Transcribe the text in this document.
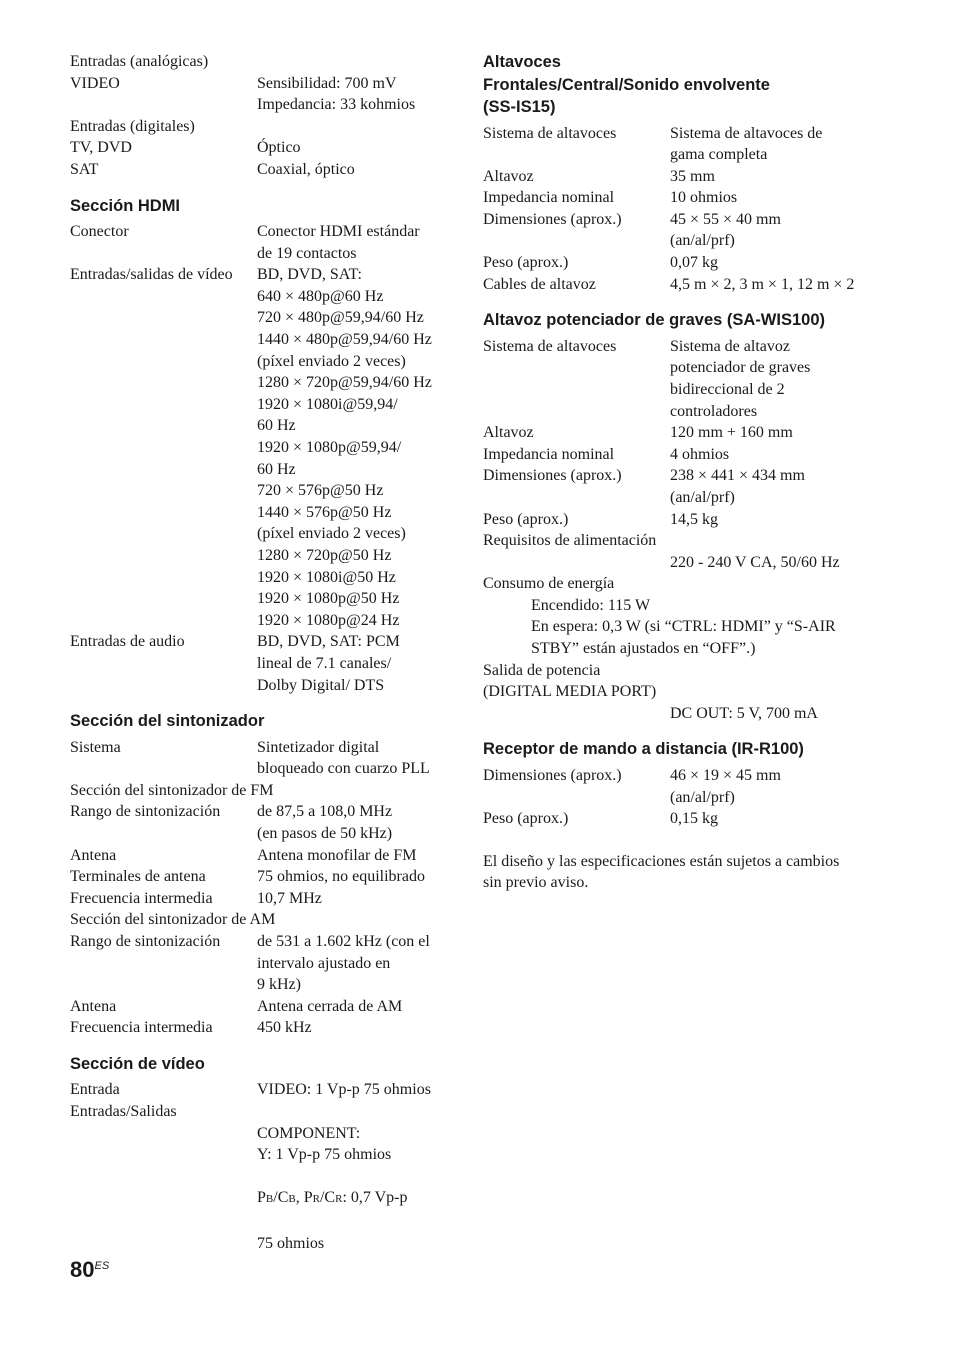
Entradas (analógicas)
VIDEO	Sensibilidad: 700 mV
Impedancia: 33 kohmios
Entradas (digitales)
TV, DVD	Óptico
SAT	Coaxial, óptico
Sección HDMI
Conector	Conector HDMI estándar
de 19 contactos
Entradas/salidas de vídeo	BD, DVD, SAT:
640 × 480p@60 Hz
720 × 480p@59,94/60 Hz
1440 × 480p@59,94/60 Hz
(píxel enviado 2 veces)
1280 × 720p@59,94/60 Hz
1920 × 1080i@59,94/
60 Hz
1920 × 1080p@59,94/
60 Hz
720 × 576p@50 Hz
1440 × 576p@50 Hz
(píxel enviado 2 veces)
1280 × 720p@50 Hz
1920 × 1080i@50 Hz
1920 × 1080p@50 Hz
1920 × 1080p@24 Hz
Entradas de audio	BD, DVD, SAT: PCM
lineal de 7.1 canales/
Dolby Digital/ DTS
Sección del sintonizador
Sistema	Sintetizador digital
bloqueado con cuarzo PLL
Sección del sintonizador de FM
Rango de sintonización	de 87,5 a 108,0 MHz
(en pasos de 50 kHz)
Antena	Antena monofilar de FM
Terminales de antena	75 ohmios, no equilibrado
Frecuencia intermedia	10,7 MHz
Sección del sintonizador de AM
Rango de sintonización	de 531 a 1.602 kHz (con el
intervalo ajustado en
9 kHz)
Antena	Antena cerrada de AM
Frecuencia intermedia	450 kHz
Sección de vídeo
Entrada	VIDEO: 1 Vp-p 75 ohmios
Entradas/Salidas

COMPONENT:
Y: 1 Vp-p 75 ohmios

PB/CB, PR/CR: 0,7 Vp-p

75 ohmios

Altavoces
Frontales/Central/Sonido envolvente
(SS-IS15)
Sistema de altavoces	Sistema de altavoces de
gama completa
Altavoz	35 mm
Impedancia nominal	10 ohmios
Dimensiones (aprox.)	45 × 55 × 40 mm
(an/al/prf)
Peso (aprox.)	0,07 kg
Cables de altavoz	4,5 m × 2, 3 m × 1, 12 m × 2
Altavoz potenciador de graves (SA-WIS100)
Sistema de altavoces	Sistema de altavoz
potenciador de graves
bidireccional de 2
controladores
Altavoz	120 mm + 160 mm
Impedancia nominal	4 ohmios
Dimensiones (aprox.)	238 × 441 × 434 mm
(an/al/prf)
Peso (aprox.)	14,5 kg
Requisitos de alimentación
220 - 240 V CA, 50/60 Hz
Consumo de energía
Encendido: 115 W
En espera: 0,3 W (si “CTRL: HDMI” y “S-AIR
STBY” están ajustados en “OFF”.)
Salida de potencia
(DIGITAL MEDIA PORT)
DC OUT: 5 V, 700 mA
Receptor de mando a distancia (IR-R100)
Dimensiones (aprox.)	46 × 19 × 45 mm
(an/al/prf)
Peso (aprox.)	0,15 kg
El diseño y las especificaciones están sujetos a cambios
sin previo aviso.
$80^{ES}$
